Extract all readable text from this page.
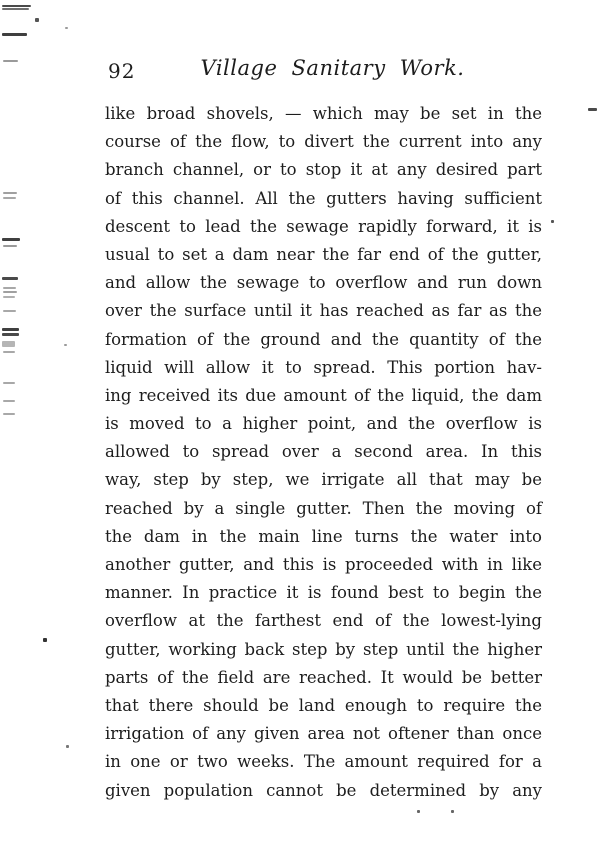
92	Village Sanitary Work.
like broad shovels, — which may be set in the
course of the flow, to divert the current into any
branch channel, or to stop it at any desired part
of this channel. All the gutters having sufficient
descent to lead the sewage rapidly forward, it is
usual to set a dam near the far end of the gutter,
and allow the sewage to overflow and run down
over the surface until it has reached as far as the
formation of the ground and the quantity of the
liquid will allow it to spread. This portion hav-
ing received its due amount of the liquid, the dam
is moved to a higher point, and the overflow is
allowed to spread over a second area. In this
way, step by step, we irrigate all that may be
reached by a single gutter. Then the moving of
the dam in the main line turns the water into
another gutter, and this is proceeded with in like
manner. In practice it is found best to begin the
overflow at the farthest end of the lowest-lying
gutter, working back step by step until the higher
parts of the field are reached. It would be better
that there should be land enough to require the
irrigation of any given area not oftener than once
in one or two weeks. The amount required for a
given population cannot be determined by any
